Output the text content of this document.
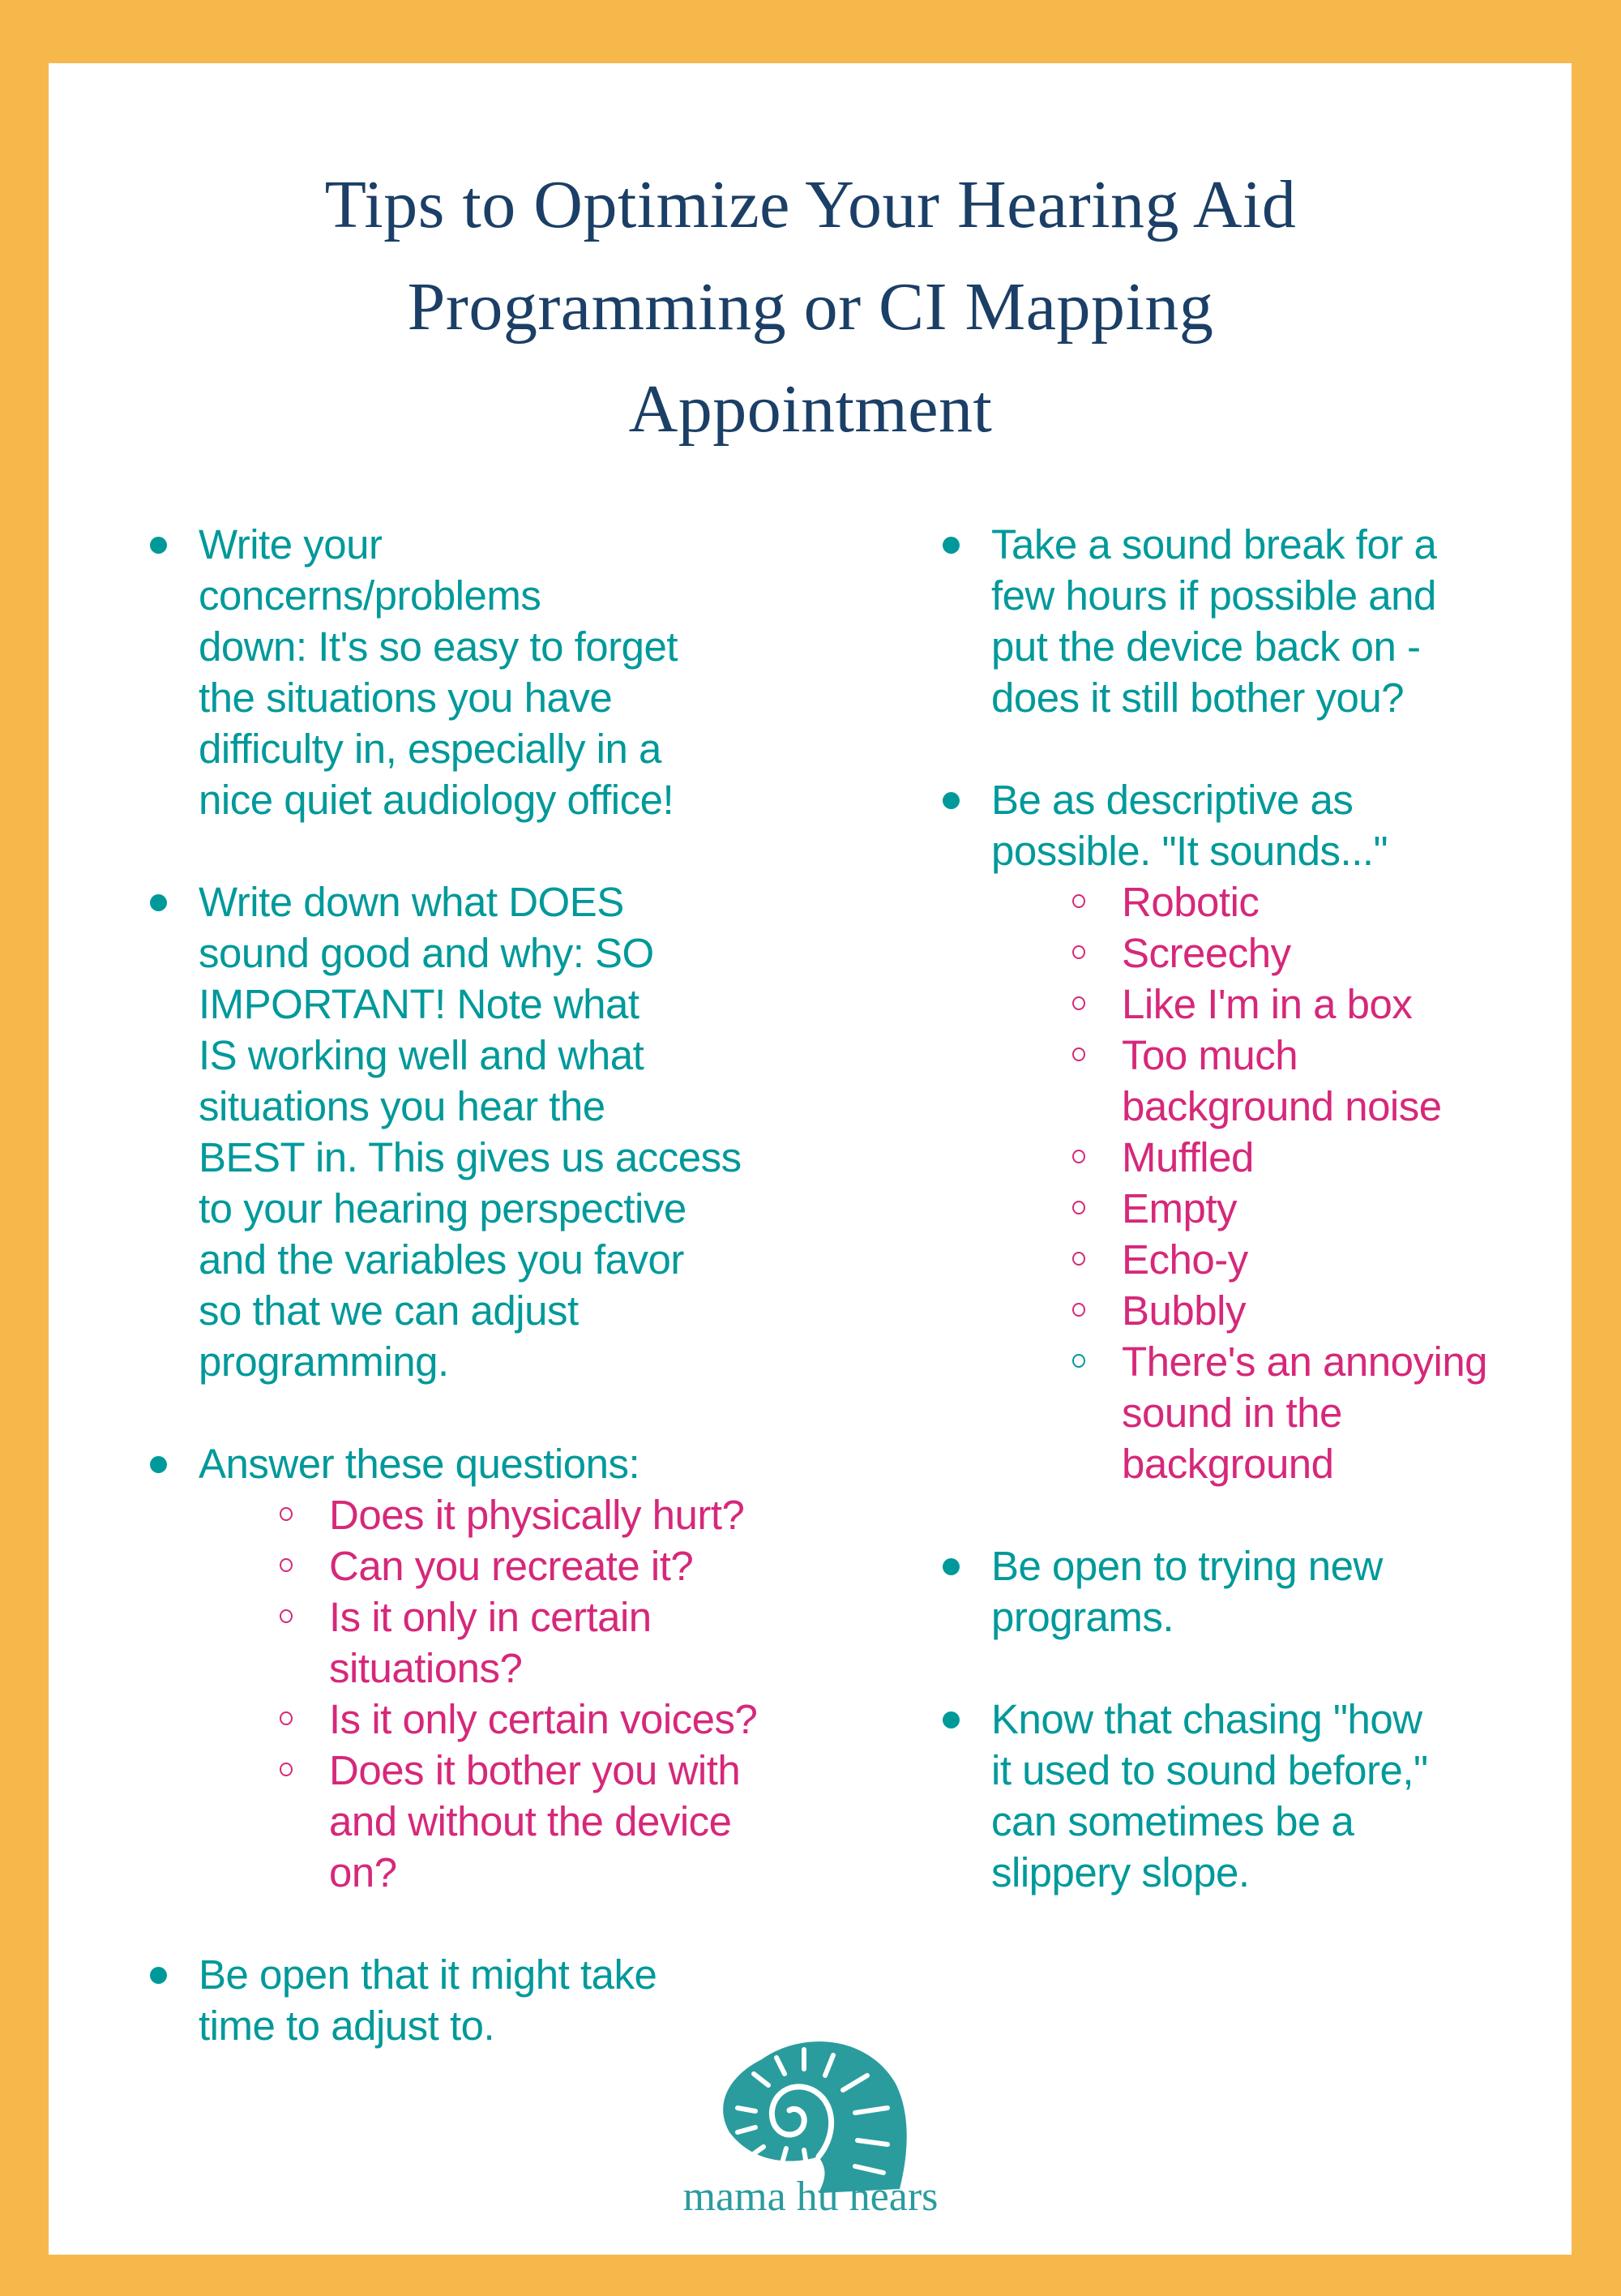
Tips to Optimize Your Hearing Aid
Programming or CI Mapping
Appointment
Write your
concerns/problems
down: It's so easy to forget
the situations you have
difficulty in, especially in a
nice quiet audiology office!
Write down what DOES
sound good and why: SO
IMPORTANT! Note what
IS working well and what
situations you hear the
BEST in. This gives us access
to your hearing perspective
and the variables you favor
so that we can adjust
programming.
Answer these questions:
Does it physically hurt?
Can you recreate it?
Is it only in certain
situations?
Is it only certain voices?
Does it bother you with
and without the device
on?
Be open that it might take
time to adjust to.
Take a sound break for a
few hours if possible and
put the device back on -
does it still bother you?
Be as descriptive as
possible. "It sounds..."
Robotic
Screechy
Like I'm in a box
Too much
background noise
Muffled
Empty
Echo-y
Bubbly
There's an annoying
sound in the
background
Be open to trying new
programs.
Know that chasing "how
it used to sound before,"
can sometimes be a
slippery slope.
mama hu hears
